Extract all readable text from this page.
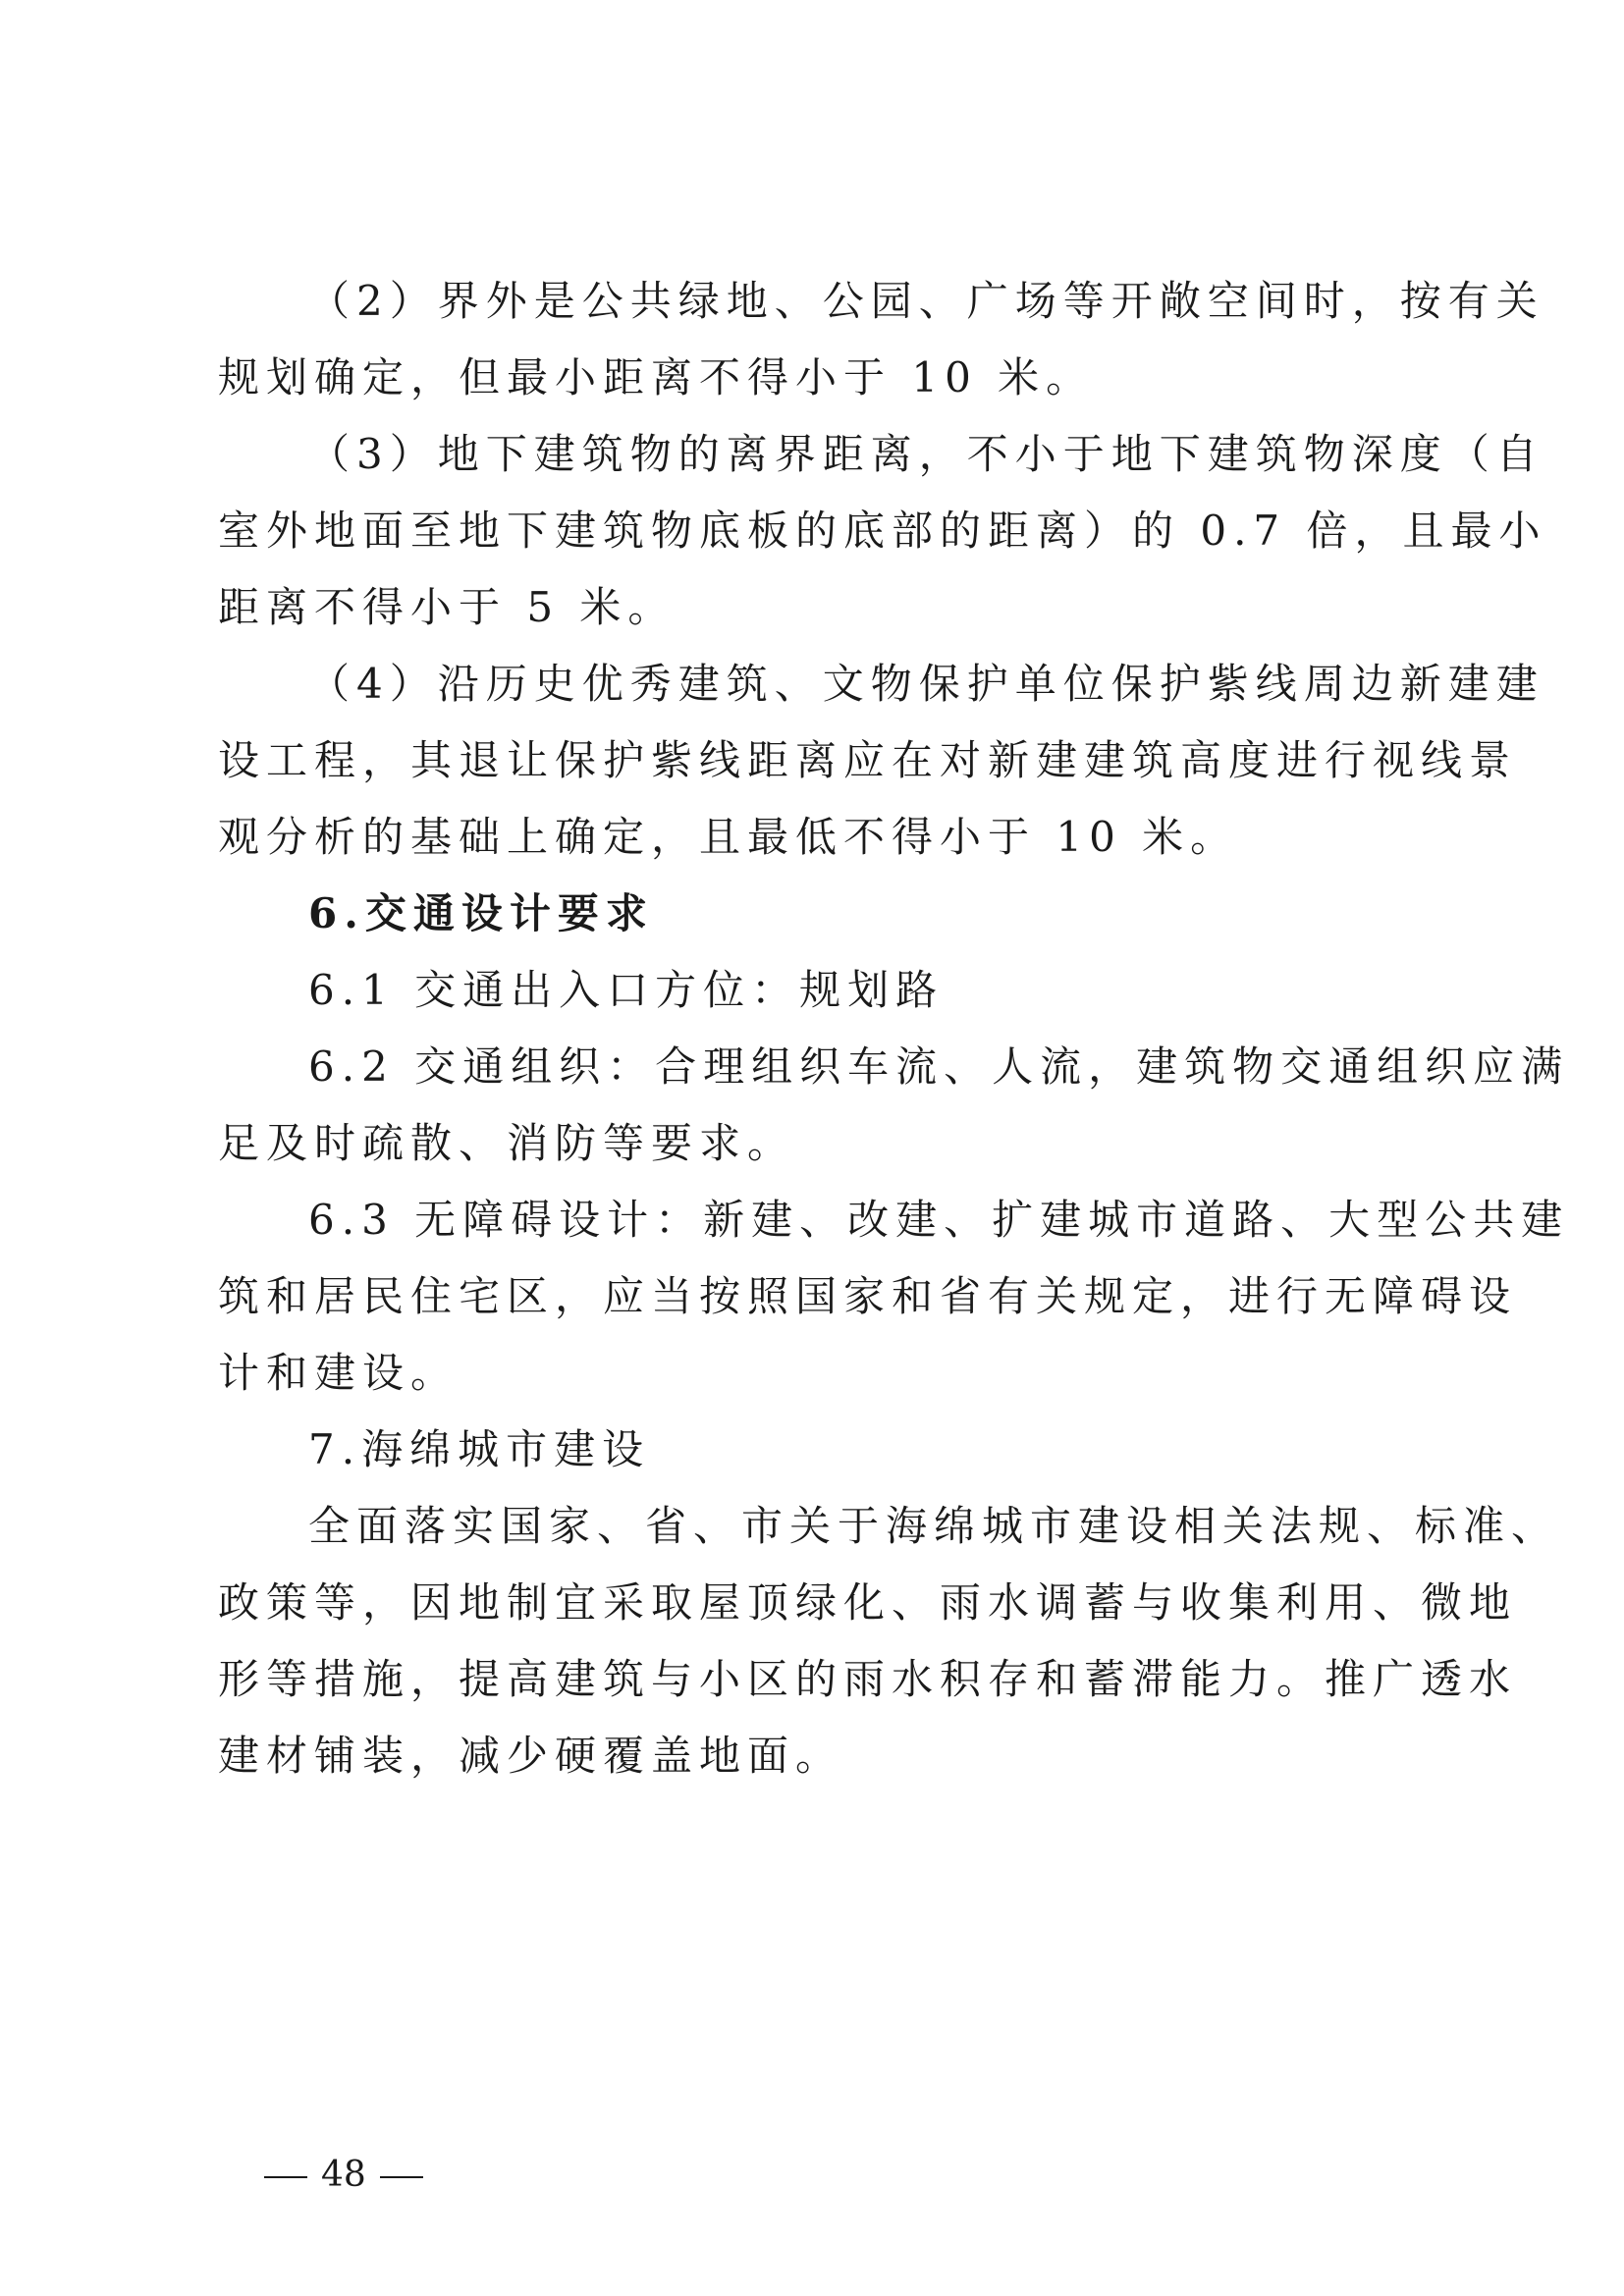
（2）界外是公共绿地、公园、广场等开敞空间时，按有关
规划确定，但最小距离不得小于 10 米。
（3）地下建筑物的离界距离，不小于地下建筑物深度（自
室外地面至地下建筑物底板的底部的距离）的 0.7 倍，且最小
距离不得小于 5 米。
（4）沿历史优秀建筑、文物保护单位保护紫线周边新建建
设工程，其退让保护紫线距离应在对新建建筑高度进行视线景
观分析的基础上确定，且最低不得小于 10 米。
6.交通设计要求
6.1 交通出入口方位：规划路
6.2 交通组织：合理组织车流、人流，建筑物交通组织应满
足及时疏散、消防等要求。
6.3 无障碍设计：新建、改建、扩建城市道路、大型公共建
筑和居民住宅区，应当按照国家和省有关规定，进行无障碍设
计和建设。
7.海绵城市建设
全面落实国家、省、市关于海绵城市建设相关法规、标准、
政策等，因地制宜采取屋顶绿化、雨水调蓄与收集利用、微地
形等措施，提高建筑与小区的雨水积存和蓄滞能力。推广透水
建材铺装，减少硬覆盖地面。
48
